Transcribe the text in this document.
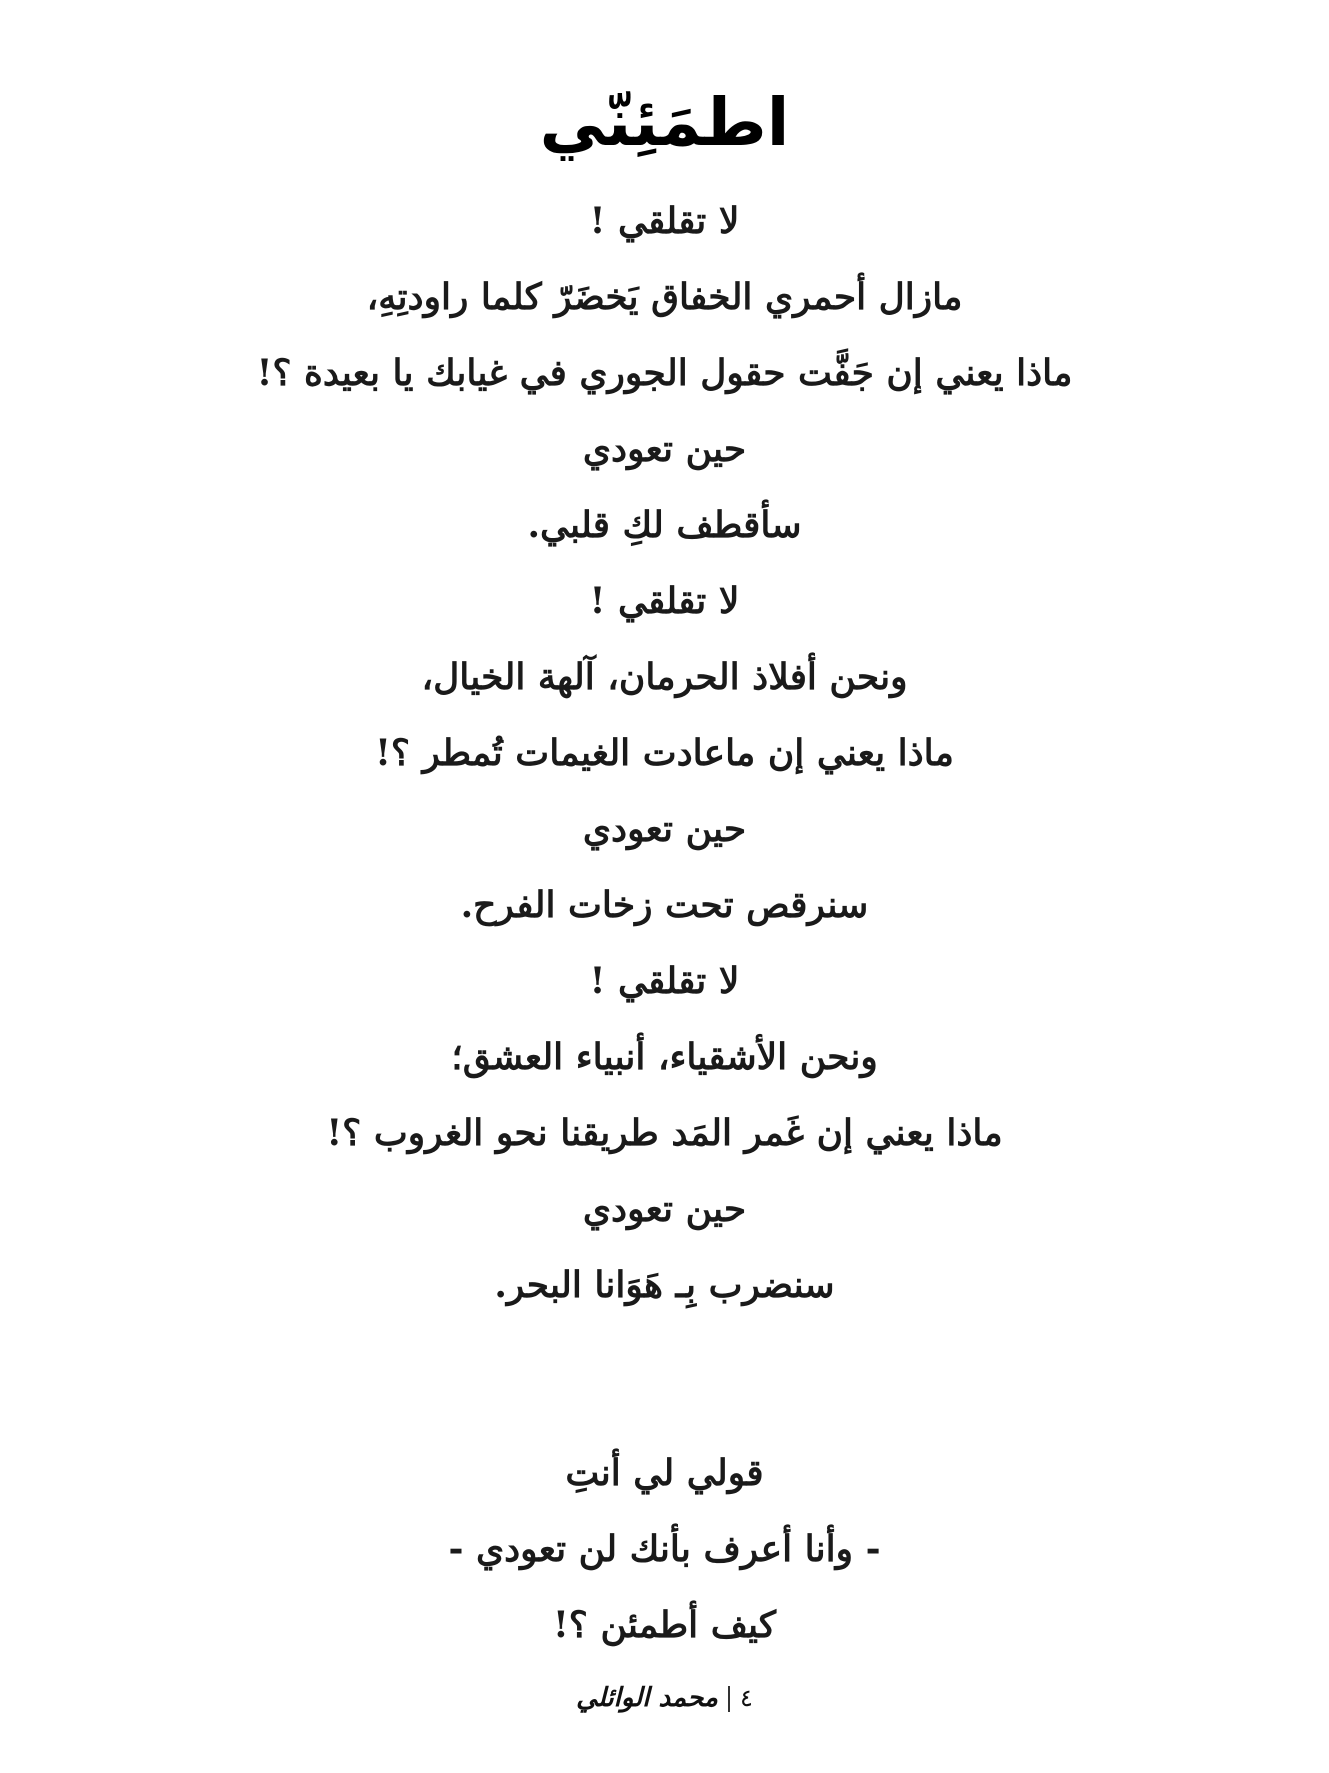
اطمَئِنّي
لا تقلقي !
مازال أحمري الخفاق يَخضَرّ كلما راودتِهِ،
ماذا يعني إن جَفَّت حقول الجوري في غيابك يا بعيدة ؟!
حين تعودي
سأقطف لكِ قلبي.
لا تقلقي !
ونحن أفلاذ الحرمان، آلهة الخيال،
ماذا يعني إن ماعادت الغيمات تُمطر ؟!
حين تعودي
سنرقص تحت زخات الفرح.
لا تقلقي !
ونحن الأشقياء، أنبياء العشق؛
ماذا يعني إن غَمر المَد طريقنا نحو الغروب ؟!
حين تعودي
سنضرب بِـ هَوَانا البحر.
قولي لي أنتِ
- وأنا أعرف بأنك لن تعودي -
كيف أطمئن ؟!
٤محمد الوائلي
